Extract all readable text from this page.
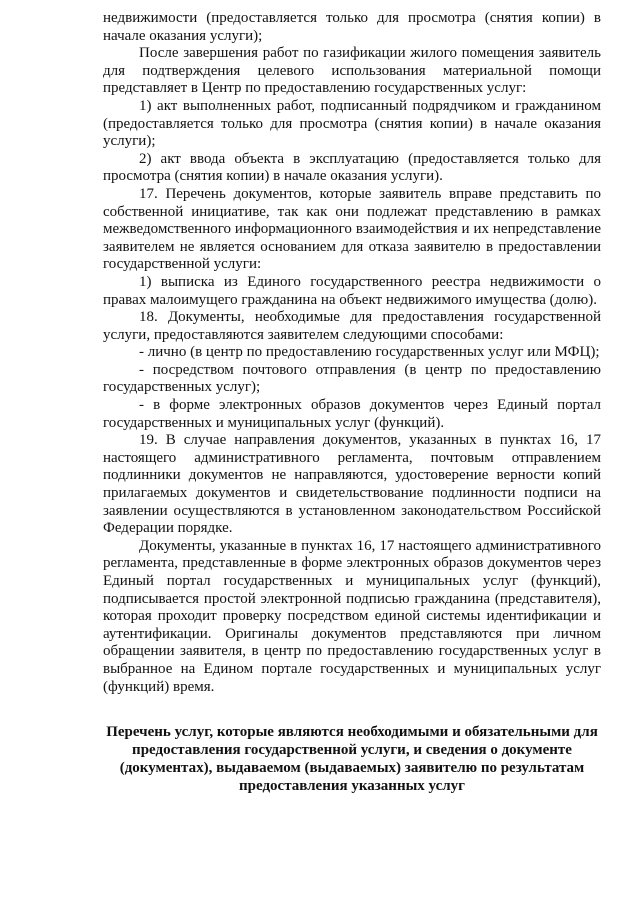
недвижимости (предоставляется только для просмотра (снятия копии) в начале оказания услуги);

После завершения работ по газификации жилого помещения заявитель для подтверждения целевого использования материальной помощи представляет в Центр по предоставлению государственных услуг:

1) акт выполненных работ, подписанный подрядчиком и гражданином (предоставляется только для просмотра (снятия копии) в начале оказания услуги);

2) акт ввода объекта в эксплуатацию (предоставляется только для просмотра (снятия копии) в начале оказания услуги).

17. Перечень документов, которые заявитель вправе представить по собственной инициативе, так как они подлежат представлению в рамках межведомственного информационного взаимодействия и их непредставление заявителем не является основанием для отказа заявителю в предоставлении государственной услуги:

1) выписка из Единого государственного реестра недвижимости о правах малоимущего гражданина на объект недвижимого имущества (долю).

18. Документы, необходимые для предоставления государственной услуги, предоставляются заявителем следующими способами:

- лично (в центр по предоставлению государственных услуг или МФЦ);

- посредством почтового отправления (в центр по предоставлению государственных услуг);

- в форме электронных образов документов через Единый портал государственных и муниципальных услуг (функций).

19. В случае направления документов, указанных в пунктах 16, 17 настоящего административного регламента, почтовым отправлением подлинники документов не направляются, удостоверение верности копий прилагаемых документов и свидетельствование подлинности подписи на заявлении осуществляются в установленном законодательством Российской Федерации порядке.

Документы, указанные в пунктах 16, 17 настоящего административного регламента, представленные в форме электронных образов документов через Единый портал государственных и муниципальных услуг (функций), подписывается простой электронной подписью гражданина (представителя), которая проходит проверку посредством единой системы идентификации и аутентификации. Оригиналы документов представляются при личном обращении заявителя, в центр по предоставлению государственных услуг в выбранное на Едином портале государственных и муниципальных услуг (функций) время.

Перечень услуг, которые являются необходимыми и обязательными для предоставления государственной услуги, и сведения о документе (документах), выдаваемом (выдаваемых) заявителю по результатам предоставления указанных услуг
